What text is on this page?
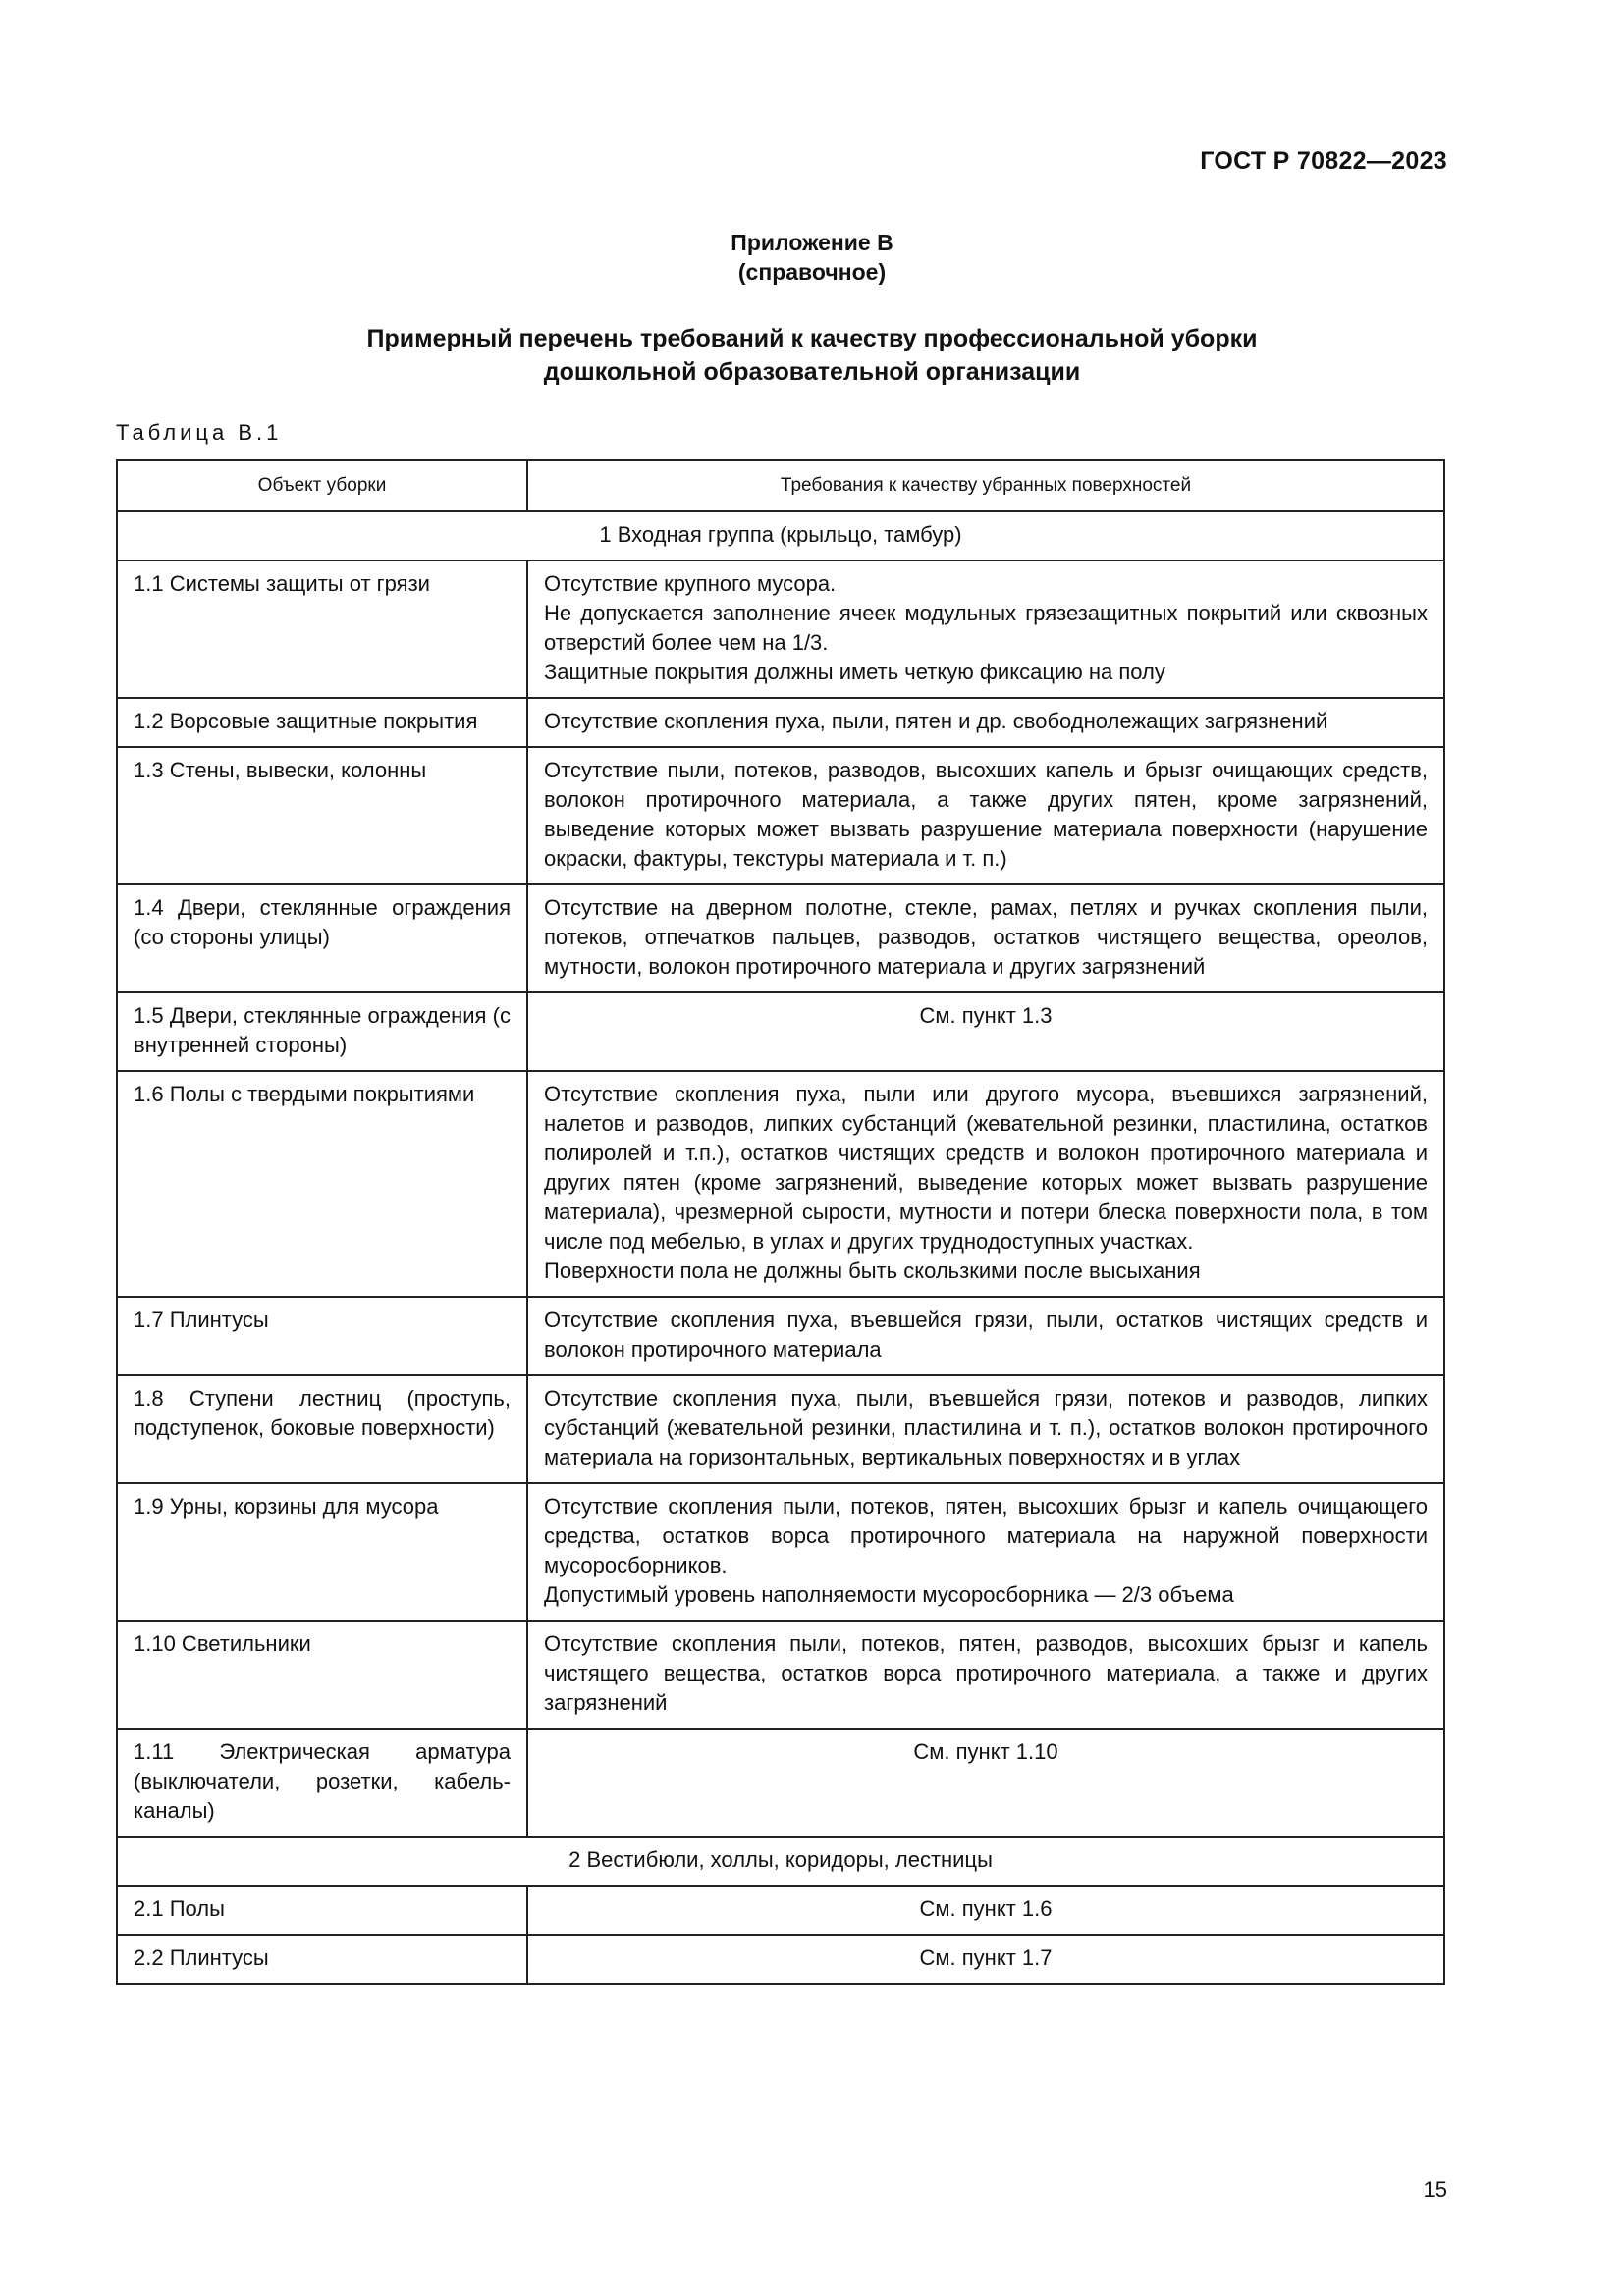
ГОСТ Р 70822—2023
Приложение В
(справочное)
Примерный перечень требований к качеству профессиональной уборки
дошкольной образовательной организации
Таблица В.1
Объект уборки	Требования к качеству убранных поверхностей
1 Входная группа (крыльцо, тамбур)	
1.1 Системы защиты от грязи	Отсутствие крупного мусора.
Не допускается заполнение ячеек модульных грязезащитных покрытий или сквозных отверстий более чем на 1/3.
Защитные покрытия должны иметь четкую фиксацию на полу

1.2 Ворсовые защитные покрытия	Отсутствие скопления пуха, пыли, пятен и др. свободнолежащих загрязнений

1.3 Стены, вывески, колонны	Отсутствие пыли, потеков, разводов, высохших капель и брызг очищающих средств, волокон протирочного материала, а также других пятен, кроме загрязнений, выведение которых может вызвать разрушение материала поверхности (нарушение окраски, фактуры, текстуры материала и т. п.)

1.4 Двери, стеклянные ограждения (со стороны улицы)	Отсутствие на дверном полотне, стекле, рамах, петлях и ручках скопления пыли, потеков, отпечатков пальцев, разводов, остатков чистящего вещества, ореолов, мутности, волокон протирочного материала и других загрязнений

1.5 Двери, стеклянные ограждения (с внутренней стороны)	См. пункт 1.3
1.6 Полы с твердыми покрытиями	Отсутствие скопления пуха, пыли или другого мусора, въевшихся загрязнений, налетов и разводов, липких субстанций (жевательной резинки, пластилина, остатков полиролей и т.п.), остатков чистящих средств и волокон протирочного материала и других пятен (кроме загрязнений, выведение которых может вызвать разрушение материала), чрезмерной сырости, мутности и потери блеска поверхности пола, в том числе под мебелью, в углах и других труднодоступных участках.
Поверхности пола не должны быть скользкими после высыхания

1.7 Плинтусы	Отсутствие скопления пуха, въевшейся грязи, пыли, остатков чистящих средств и волокон протирочного материала

1.8 Ступени лестниц (проступь, подступенок, боковые поверхности)	Отсутствие скопления пуха, пыли, въевшейся грязи, потеков и разводов, липких субстанций (жевательной резинки, пластилина и т. п.), остатков волокон протирочного материала на горизонтальных, вертикальных поверхностях и в углах

1.9 Урны, корзины для мусора	Отсутствие скопления пыли, потеков, пятен, высохших брызг и капель очищающего средства, остатков ворса протирочного материала на наружной поверхности мусоросборников.
Допустимый уровень наполняемости мусоросборника — 2/3 объема

1.10 Светильники	Отсутствие скопления пыли, потеков, пятен, разводов, высохших брызг и капель чистящего вещества, остатков ворса протирочного материала, а также и других загрязнений

1.11 Электрическая арматура (выключатели, розетки, кабель-каналы)	См. пункт 1.10
2 Вестибюли, холлы, коридоры, лестницы	
2.1 Полы	См. пункт 1.6
2.2 Плинтусы	См. пункт 1.7
15
